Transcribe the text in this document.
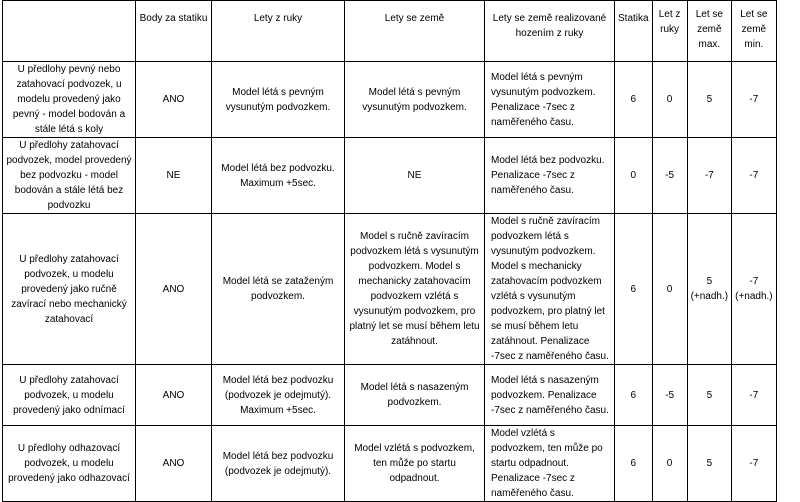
	Body za statiku	Lety z ruky	Lety se země	Lety se země realizované hozením z ruky	Statika	Let z ruky	Let se země max.	Let se země min.
U předlohy pevný nebo zatahovací podvozek, u modelu provedený jako pevný - model bodován a stále létá s koly	ANO	Model létá s pevným vysunutým podvozkem.	Model létá s pevným vysunutým podvozkem.	Model létá s pevným vysunutým podvozkem. Penalizace -7sec z naměřeného času.	6	0	5	-7
U předlohy zatahovací podvozek, model provedený bez podvozku - model bodován a stále létá bez podvozku	NE	Model létá bez podvozku. Maximum +5sec.	NE	Model létá bez podvozku. Penalizace -7sec z naměřeného času.	0	-5	-7	-7
U předlohy zatahovací podvozek, u modelu provedený jako ručně zavírací nebo mechanický zatahovací	ANO	Model létá se zataženým podvozkem.	Model s ručně zavíracím podvozkem létá s vysunutým podvozkem. Model s mechanicky zatahovacím podvozkem vzlétá s vysunutým podvozkem, pro platný let se musí během letu zatáhnout.	Model s ručně zavíracím podvozkem létá s vysunutým podvozkem. Model s mechanicky zatahovacím podvozkem vzlétá s vysunutým podvozkem, pro platný let se musí během letu zatáhnout. Penalizace -7sec z naměřeného času.	6	0	5 (+nadh.)	-7 (+nadh.)
U předlohy zatahovací podvozek, u modelu provedený jako odnímací	ANO	Model létá bez podvozku (podvozek je odejmutý). Maximum +5sec.	Model létá s nasazeným podvozkem.	Model létá s nasazeným podvozkem. Penalizace -7sec z naměřeného času.	6	-5	5	-7
U předlohy odhazovací podvozek, u modelu provedený jako odhazovací	ANO	Model létá bez podvozku (podvozek je odejmutý).	Model vzlétá s podvozkem, ten může po startu odpadnout.	Model vzlétá s podvozkem, ten může po startu odpadnout. Penalizace -7sec z naměřeného času.	6	0	5	-7
